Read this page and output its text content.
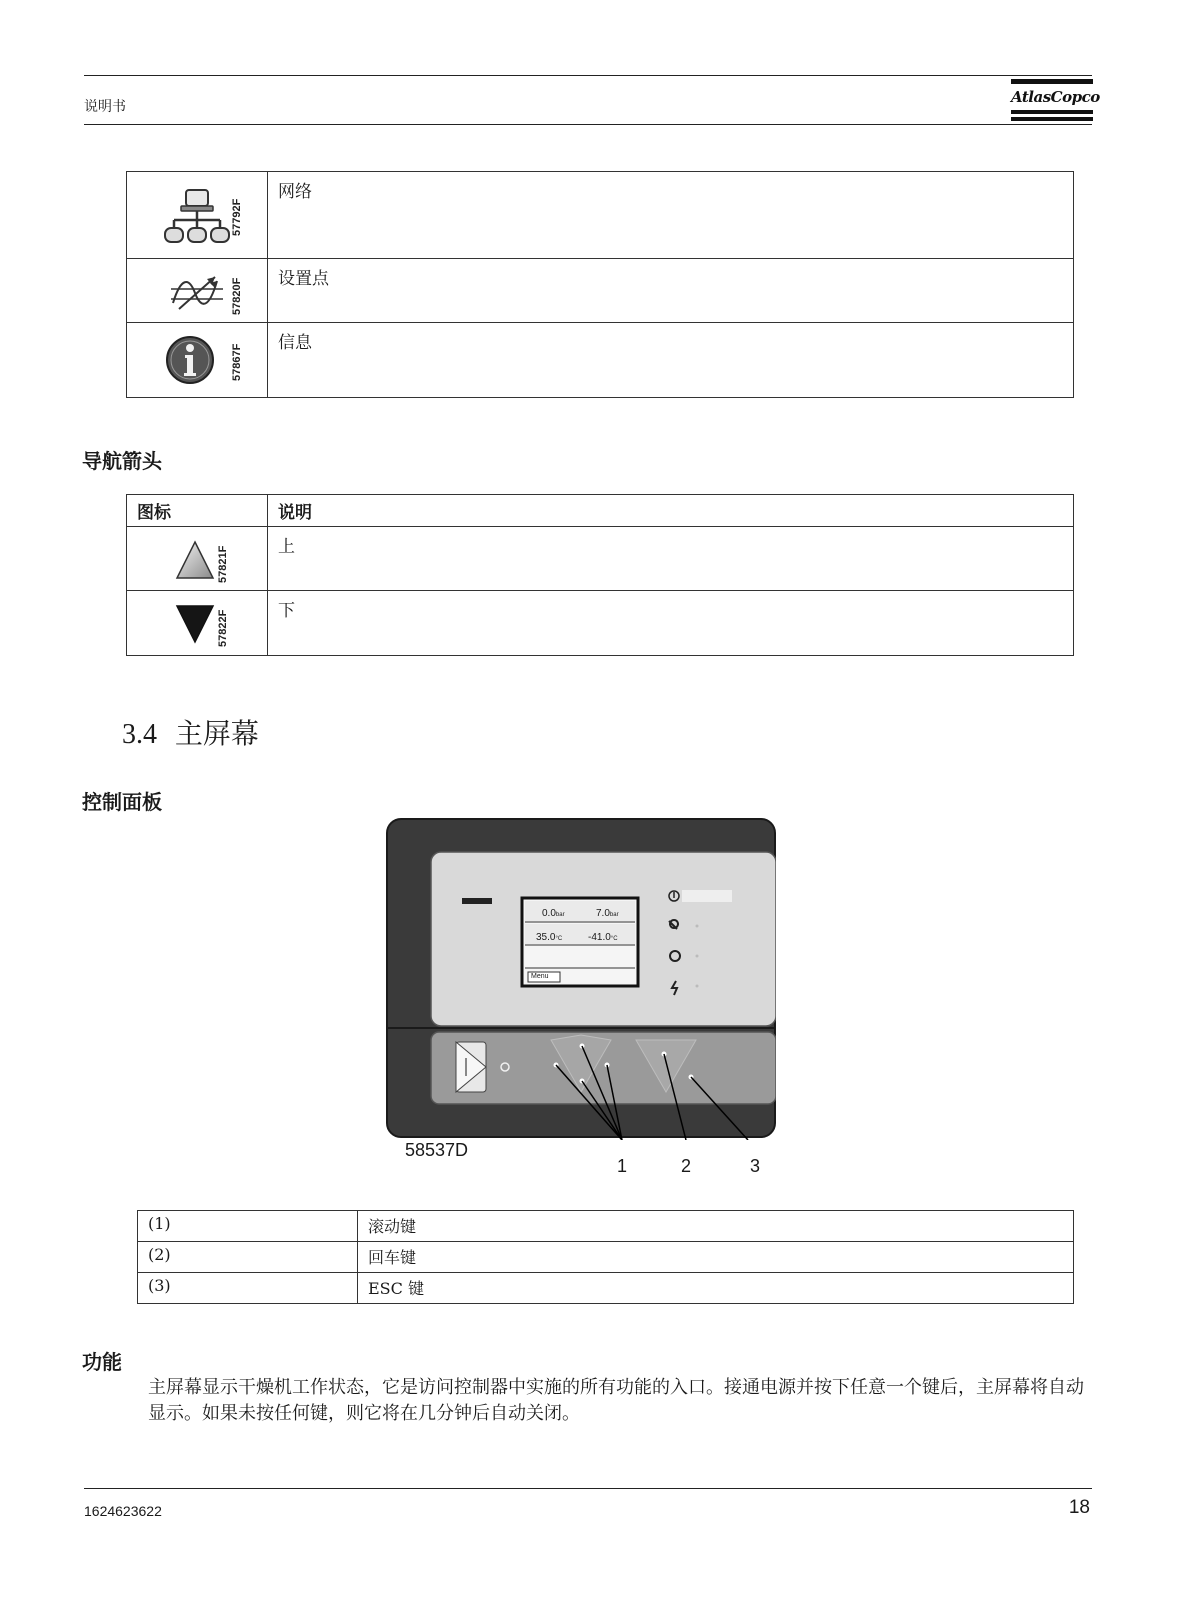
说明书
AtlasCopco
57792F	网络

57820F	设置点

57867F	信息
导航箭头
图标	说明

57821F	上

57822F	下
3.4 主屏幕
控制面板
0.0bar	7.0bar
35.0°C	-41.0°C
Menu
58537D
1	2	3
(1)	滚动键

(2)	回车键

(3)	ESC 键
功能

主屏幕显示干燥机工作状态，它是访问控制器中实施的所有功能的入口。接通电源并按下任意一个键后，主屏幕将自动显示。如果未按任何键，则它将在几分钟后自动关闭。

1624623622	18
